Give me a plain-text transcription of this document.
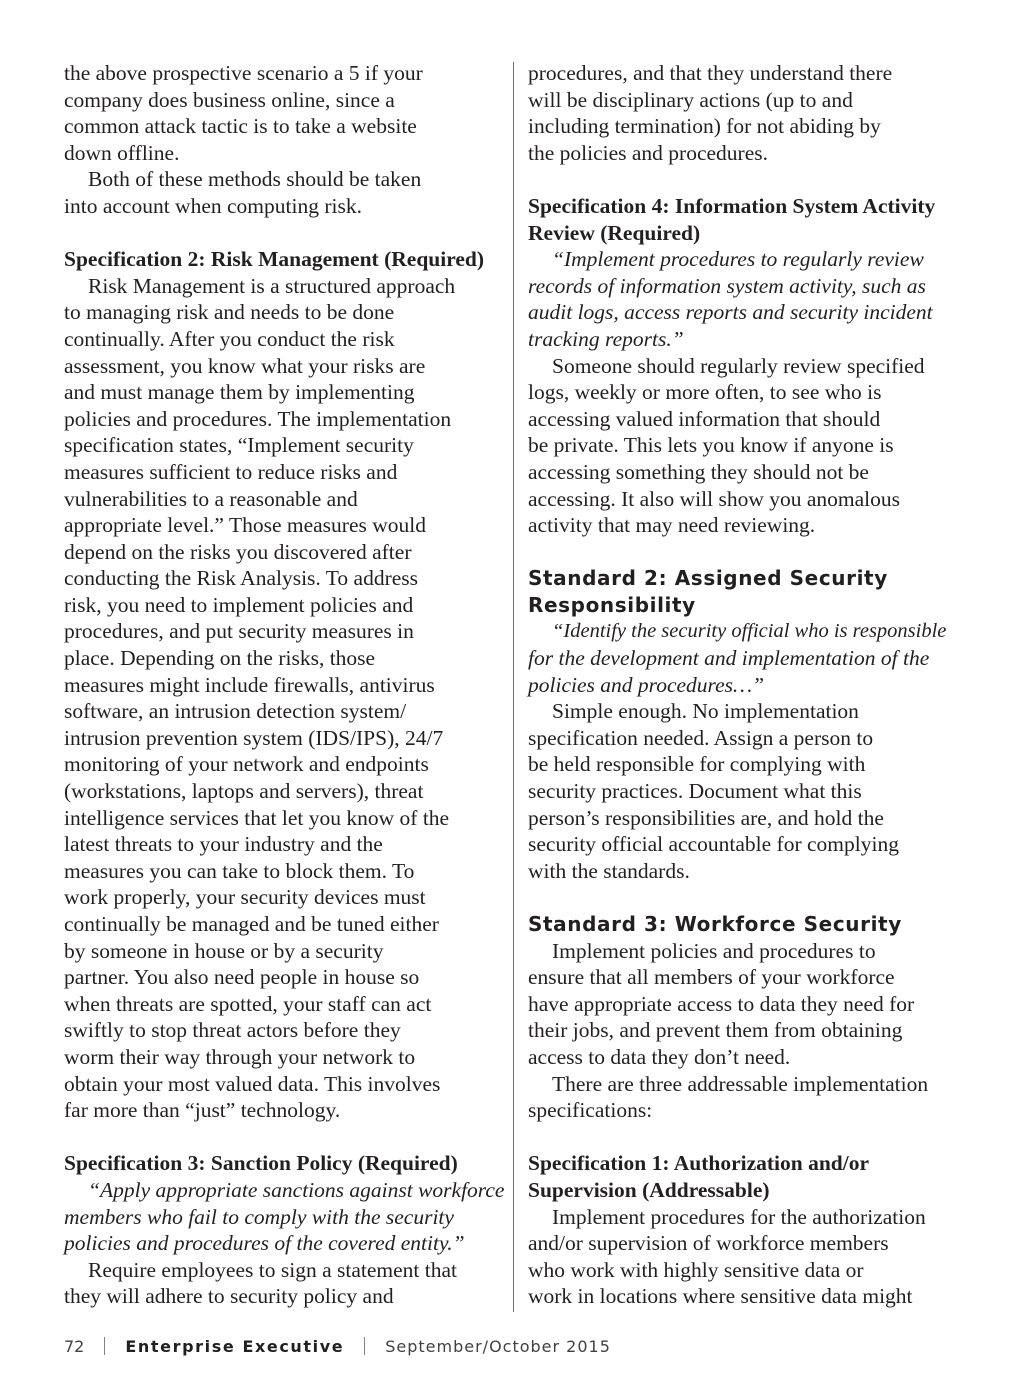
the above prospective scenario a 5 if your
company does business online, since a
common attack tactic is to take a website
down offline.
Both of these methods should be taken
into account when computing risk.
Specification 2: Risk Management (Required)
Risk Management is a structured approach
to managing risk and needs to be done
continually. After you conduct the risk
assessment, you know what your risks are
and must manage them by implementing
policies and procedures. The implementation
specification states, “Implement security
measures sufficient to reduce risks and
vulnerabilities to a reasonable and
appropriate level.” Those measures would
depend on the risks you discovered after
conducting the Risk Analysis. To address
risk, you need to implement policies and
procedures, and put security measures in
place. Depending on the risks, those
measures might include firewalls, antivirus
software, an intrusion detection system/
intrusion prevention system (IDS/IPS), 24/7
monitoring of your network and endpoints
(workstations, laptops and servers), threat
intelligence services that let you know of the
latest threats to your industry and the
measures you can take to block them. To
work properly, your security devices must
continually be managed and be tuned either
by someone in house or by a security
partner. You also need people in house so
when threats are spotted, your staff can act
swiftly to stop threat actors before they
worm their way through your network to
obtain your most valued data. This involves
far more than “just” technology.
Specification 3: Sanction Policy (Required)
“Apply appropriate sanctions against workforce
members who fail to comply with the security
policies and procedures of the covered entity.”
Require employees to sign a statement that
they will adhere to security policy and
procedures, and that they understand there
will be disciplinary actions (up to and
including termination) for not abiding by
the policies and procedures.
Specification 4: Information System Activity
Review (Required)
“Implement procedures to regularly review
records of information system activity, such as
audit logs, access reports and security incident
tracking reports.”
Someone should regularly review specified
logs, weekly or more often, to see who is
accessing valued information that should
be private. This lets you know if anyone is
accessing something they should not be
accessing. It also will show you anomalous
activity that may need reviewing.
Standard 2: Assigned Security
Responsibility
“Identify the security official who is responsible
for the development and implementation of the
policies and procedures…”
Simple enough. No implementation
specification needed. Assign a person to
be held responsible for complying with
security practices. Document what this
person’s responsibilities are, and hold the
security official accountable for complying
with the standards.
Standard 3: Workforce Security
Implement policies and procedures to
ensure that all members of your workforce
have appropriate access to data they need for
their jobs, and prevent them from obtaining
access to data they don’t need.
There are three addressable implementation
specifications:
Specification 1: Authorization and/or
Supervision (Addressable)
Implement procedures for the authorization
and/or supervision of workforce members
who work with highly sensitive data or
work in locations where sensitive data might
72	Enterprise Executive	September/October 2015
